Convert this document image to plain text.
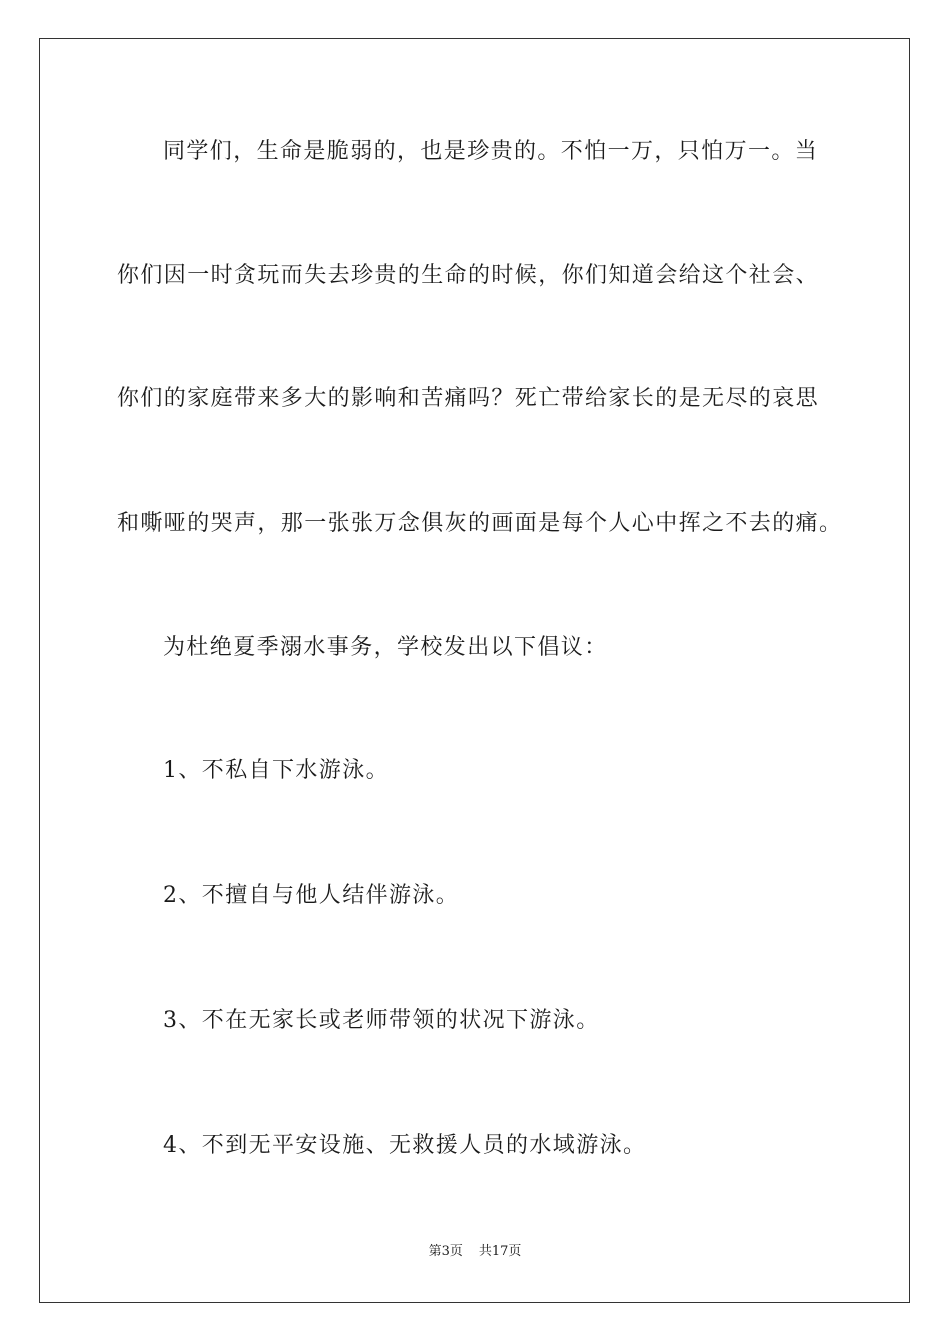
同学们，生命是脆弱的，也是珍贵的。不怕一万，只怕万一。当
你们因一时贪玩而失去珍贵的生命的时候，你们知道会给这个社会、
你们的家庭带来多大的影响和苦痛吗？死亡带给家长的是无尽的哀思
和嘶哑的哭声，那一张张万念俱灰的画面是每个人心中挥之不去的痛。
为杜绝夏季溺水事务，学校发出以下倡议：
1、不私自下水游泳。
2、不擅自与他人结伴游泳。
3、不在无家长或老师带领的状况下游泳。
4、不到无平安设施、无救援人员的水域游泳。
第3页 共17页
